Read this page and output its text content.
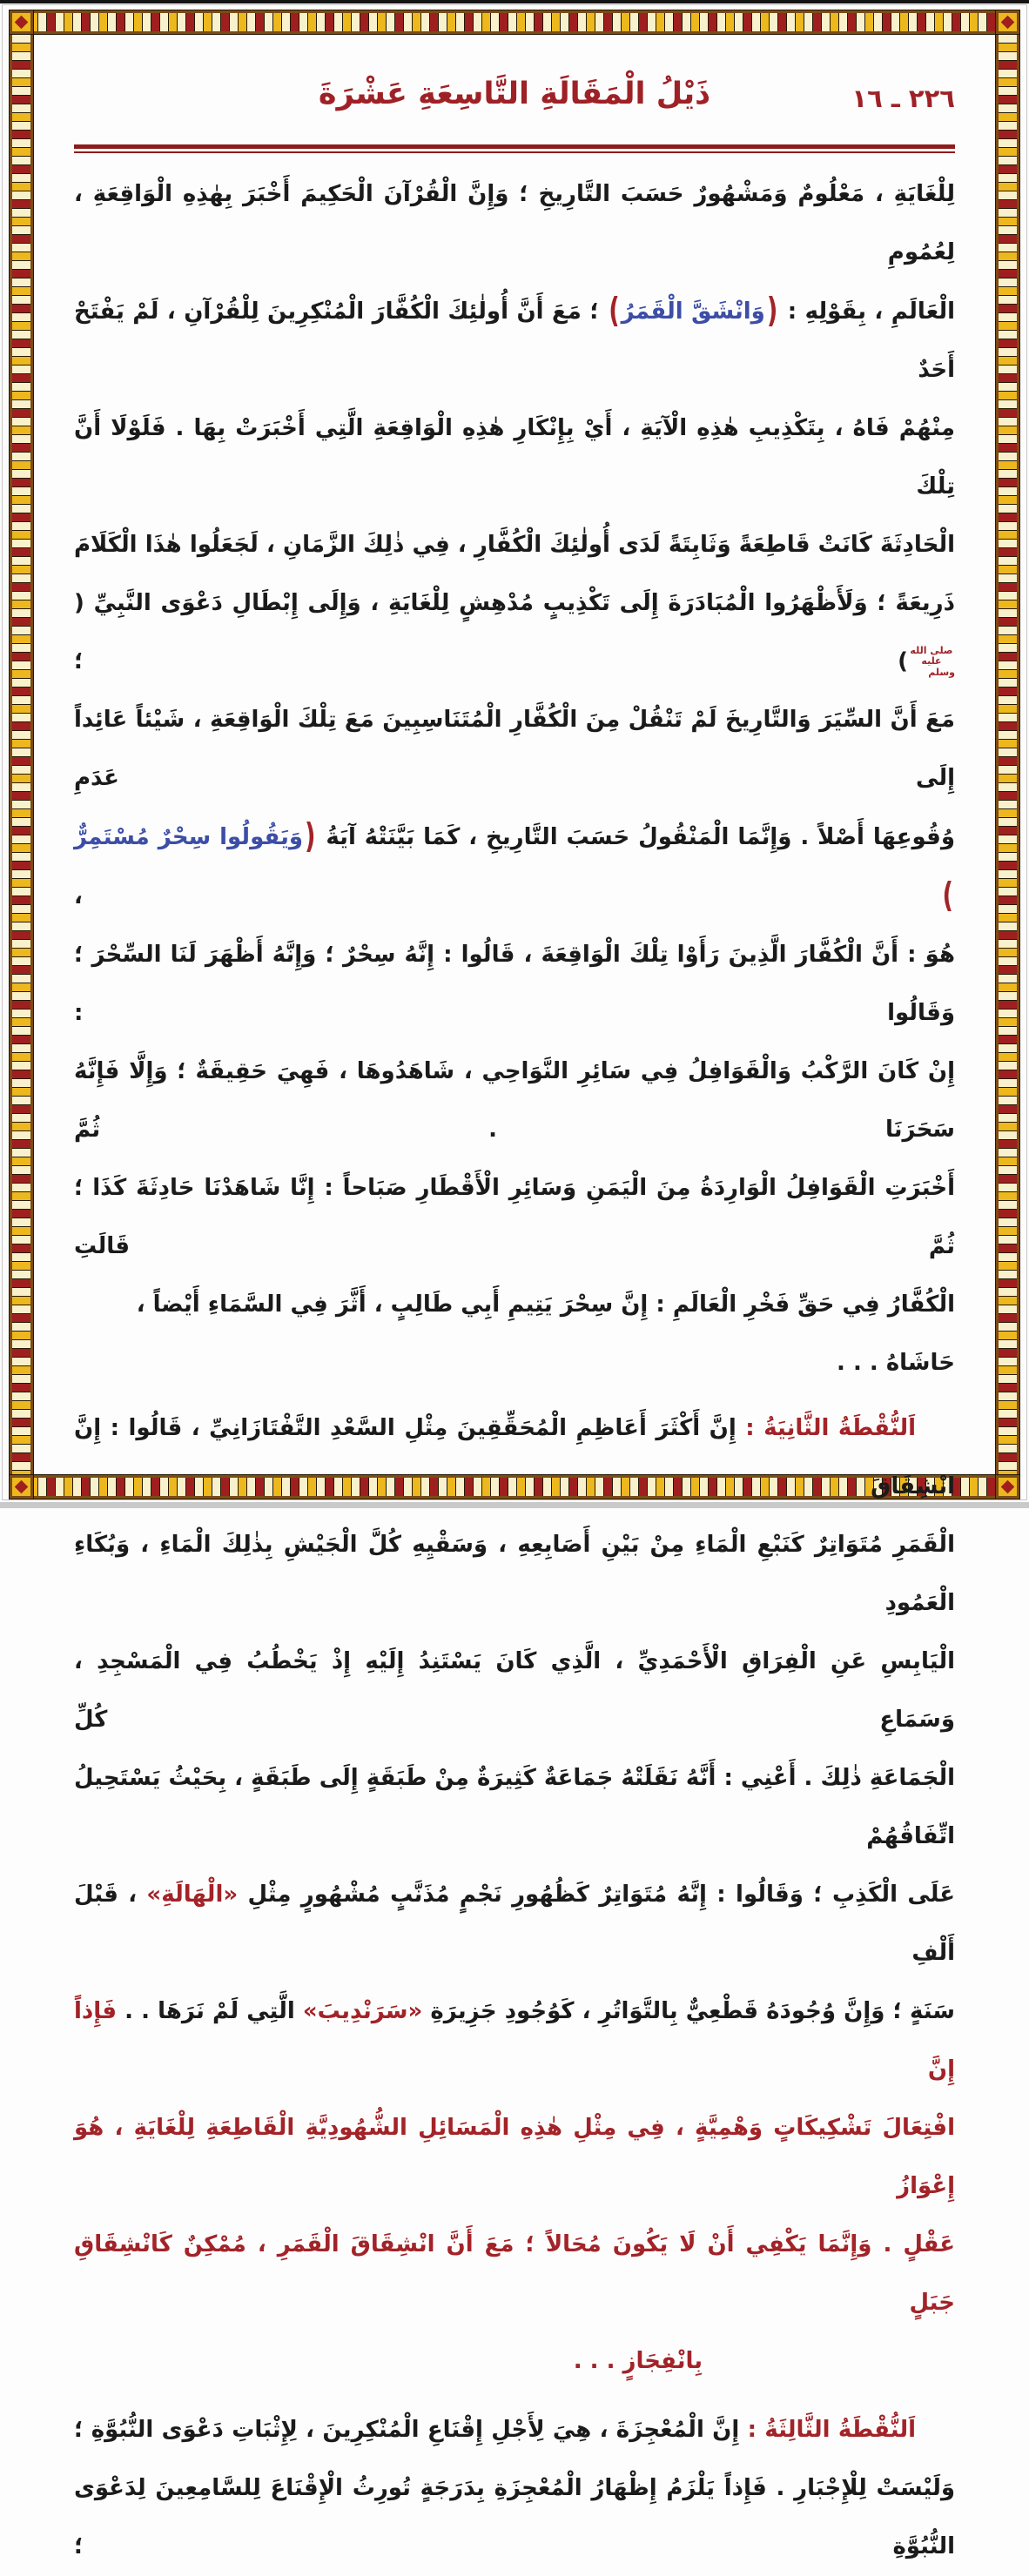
٢٢٦ ـ ١٦
ذَيْلُ الْمَقَالَةِ التَّاسِعَةِ عَشْرَةَ
لِلْغَايَةِ ، مَعْلُومٌ وَمَشْهُورٌ حَسَبَ التَّارِيخِ ؛ وَإِنَّ الْقُرْآنَ الْحَكِيمَ أَخْبَرَ بِهٰذِهِ الْوَاقِعَةِ ، لِعُمُومِ
الْعَالَمِ ، بِقَوْلِهِ : (وَانْشَقَّ الْقَمَرُ) ؛ مَعَ أَنَّ أُولٰئِكَ الْكُفَّارَ الْمُنْكِرِينَ لِلْقُرْآنِ ، لَمْ يَفْتَحْ أَحَدٌ
مِنْهُمْ فَاهُ ، بِتَكْذِيبِ هٰذِهِ الْآيَةِ ، أَيْ بِإِنْكَارِ هٰذِهِ الْوَاقِعَةِ الَّتِي أَخْبَرَتْ بِهَا . فَلَوْلَا أَنَّ تِلْكَ
الْحَادِثَةَ كَانَتْ قَاطِعَةً وَثَابِتَةً لَدَى أُولٰئِكَ الْكُفَّارِ ، فِي ذٰلِكَ الزَّمَانِ ، لَجَعَلُوا هٰذَا الْكَلَامَ
ذَرِيعَةً ؛ وَلَأَظْهَرُوا الْمُبَادَرَةَ إِلَى تَكْذِيبٍ مُدْهِشٍ لِلْغَايَةِ ، وَإِلَى إِبْطَالِ دَعْوَى النَّبِيِّ (صلى الله عليه وسلم) ؛
مَعَ أَنَّ السِّيَرَ وَالتَّارِيخَ لَمْ تَنْقُلْ مِنَ الْكُفَّارِ الْمُتَنَاسِبِينَ مَعَ تِلْكَ الْوَاقِعَةِ ، شَيْئاً عَائِداً إِلَى عَدَمِ
وُقُوعِهَا أَصْلاً . وَإِنَّمَا الْمَنْقُولُ حَسَبَ التَّارِيخِ ، كَمَا بَيَّنَتْهُ آيَةُ (وَيَقُولُوا سِحْرٌ مُسْتَمِرٌّ) ،
هُوَ : أَنَّ الْكُفَّارَ الَّذِينَ رَأَوْا تِلْكَ الْوَاقِعَةَ ، قَالُوا : إِنَّهُ سِحْرٌ ؛ وَإِنَّهُ أَظْهَرَ لَنَا السِّحْرَ ؛ وَقَالُوا :
إِنْ كَانَ الرَّكْبُ وَالْقَوَافِلُ فِي سَائِرِ النَّوَاحِي ، شَاهَدُوهَا ، فَهِيَ حَقِيقَةٌ ؛ وَإِلَّا فَإِنَّهُ سَحَرَنَا . ثُمَّ
أَخْبَرَتِ الْقَوَافِلُ الْوَارِدَةُ مِنَ الْيَمَنِ وَسَائِرِ الْأَقْطَارِ صَبَاحاً : إِنَّا شَاهَدْنَا حَادِثَةَ كَذَا ؛ ثُمَّ قَالَتِ
الْكُفَّارُ فِي حَقِّ فَخْرِ الْعَالَمِ : إِنَّ سِحْرَ يَتِيمِ أَبِي طَالِبٍ ، أَثَّرَ فِي السَّمَاءِ أَيْضاً ، حَاشَاهُ . . .
اَلنُّقْطَةُ الثَّانِيَةُ : إِنَّ أَكْثَرَ أَعَاظِمِ الْمُحَقِّقِينَ مِثْلِ السَّعْدِ التَّفْتَازَانِيِّ ، قَالُوا : إِنَّ انْشِقَاقَ
الْقَمَرِ مُتَوَاتِرٌ كَنَبْعِ الْمَاءِ مِنْ بَيْنِ أَصَابِعِهِ ، وَسَقْيِهِ كُلَّ الْجَيْشِ بِذٰلِكَ الْمَاءِ ، وَبُكَاءِ الْعَمُودِ
الْيَابِسِ عَنِ الْفِرَاقِ الْأَحْمَدِيِّ ، الَّذِي كَانَ يَسْتَنِدُ إِلَيْهِ إِذْ يَخْطُبُ فِي الْمَسْجِدِ ، وَسَمَاعِ كُلِّ
الْجَمَاعَةِ ذٰلِكَ . أَعْنِي : أَنَّهُ نَقَلَتْهُ جَمَاعَةٌ كَثِيرَةٌ مِنْ طَبَقَةٍ إِلَى طَبَقَةٍ ، بِحَيْثُ يَسْتَحِيلُ اتِّفَاقُهُمْ
عَلَى الْكَذِبِ ؛ وَقَالُوا : إِنَّهُ مُتَوَاتِرٌ كَظُهُورِ نَجْمٍ مُذَنَّبٍ مُشْهُورٍ مِثْلِ «الْهَالَةِ» ، قَبْلَ أَلْفِ
سَنَةٍ ؛ وَإِنَّ وُجُودَهُ قَطْعِيٌّ بِالتَّوَاتُرِ ، كَوُجُودِ جَزِيرَةِ «سَرَنْدِيبَ» الَّتِي لَمْ نَرَهَا . . فَإِذاً إِنَّ
افْتِعَالَ تَشْكِيكَاتٍ وَهْمِيَّةٍ ، فِي مِثْلِ هٰذِهِ الْمَسَائِلِ الشُّهُودِيَّةِ الْقَاطِعَةِ لِلْغَايَةِ ، هُوَ إِعْوَازُ
عَقْلٍ . وَإِنَّمَا يَكْفِي أَنْ لَا يَكُونَ مُحَالاً ؛ مَعَ أَنَّ انْشِقَاقَ الْقَمَرِ ، مُمْكِنٌ كَانْشِقَاقِ جَبَلٍ
بِانْفِجَازٍ . . .
اَلنُّقْطَةُ الثَّالِثَةُ : إِنَّ الْمُعْجِزَةَ ، هِيَ لِأَجْلِ إِقْنَاعِ الْمُنْكِرِينَ ، لِإِثْبَاتِ دَعْوَى النُّبُوَّةِ ؛
وَلَيْسَتْ لِلْإِجْبَارِ . فَإِذاً يَلْزَمُ إِظْهَارُ الْمُعْجِزَةِ بِدَرَجَةٍ تُورِثُ الْإِقْنَاعَ لِلسَّامِعِينَ لِدَعْوَى النُّبُوَّةِ ؛
